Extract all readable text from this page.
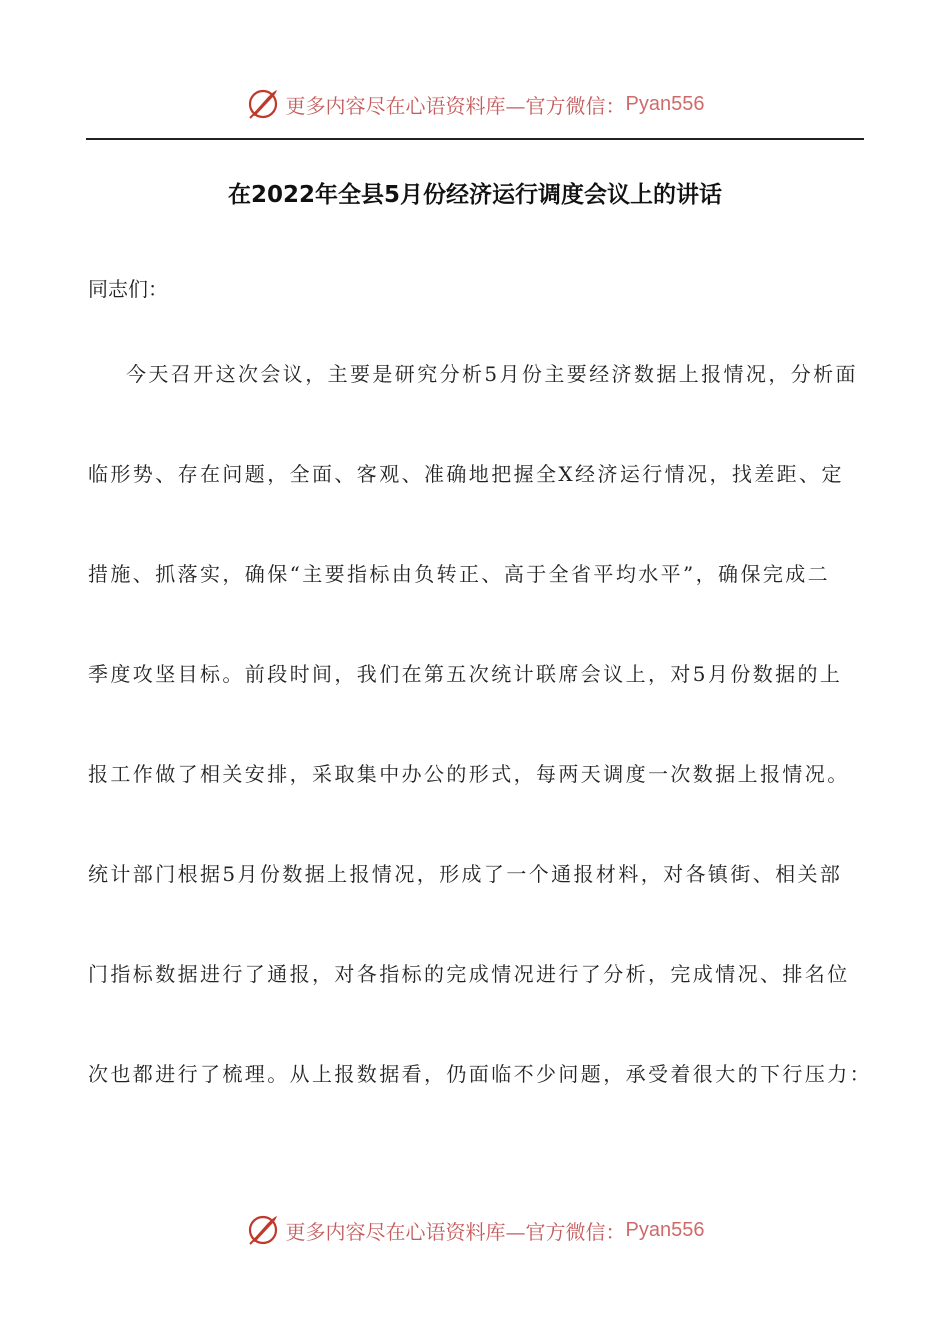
更多内容尽在心语资料库—官方微信： Pyan556
在2022年全县5月份经济运行调度会议上的讲话
同志们：
今天召开这次会议，主要是研究分析5月份主要经济数据上报情况，分析面
临形势、存在问题，全面、客观、准确地把握全X经济运行情况，找差距、定
措施、抓落实，确保“主要指标由负转正、高于全省平均水平”，确保完成二
季度攻坚目标。前段时间，我们在第五次统计联席会议上，对5月份数据的上
报工作做了相关安排，采取集中办公的形式，每两天调度一次数据上报情况。
统计部门根据5月份数据上报情况，形成了一个通报材料，对各镇街、相关部
门指标数据进行了通报，对各指标的完成情况进行了分析，完成情况、排名位
次也都进行了梳理。从上报数据看，仍面临不少问题，承受着很大的下行压力：
更多内容尽在心语资料库—官方微信： Pyan556
